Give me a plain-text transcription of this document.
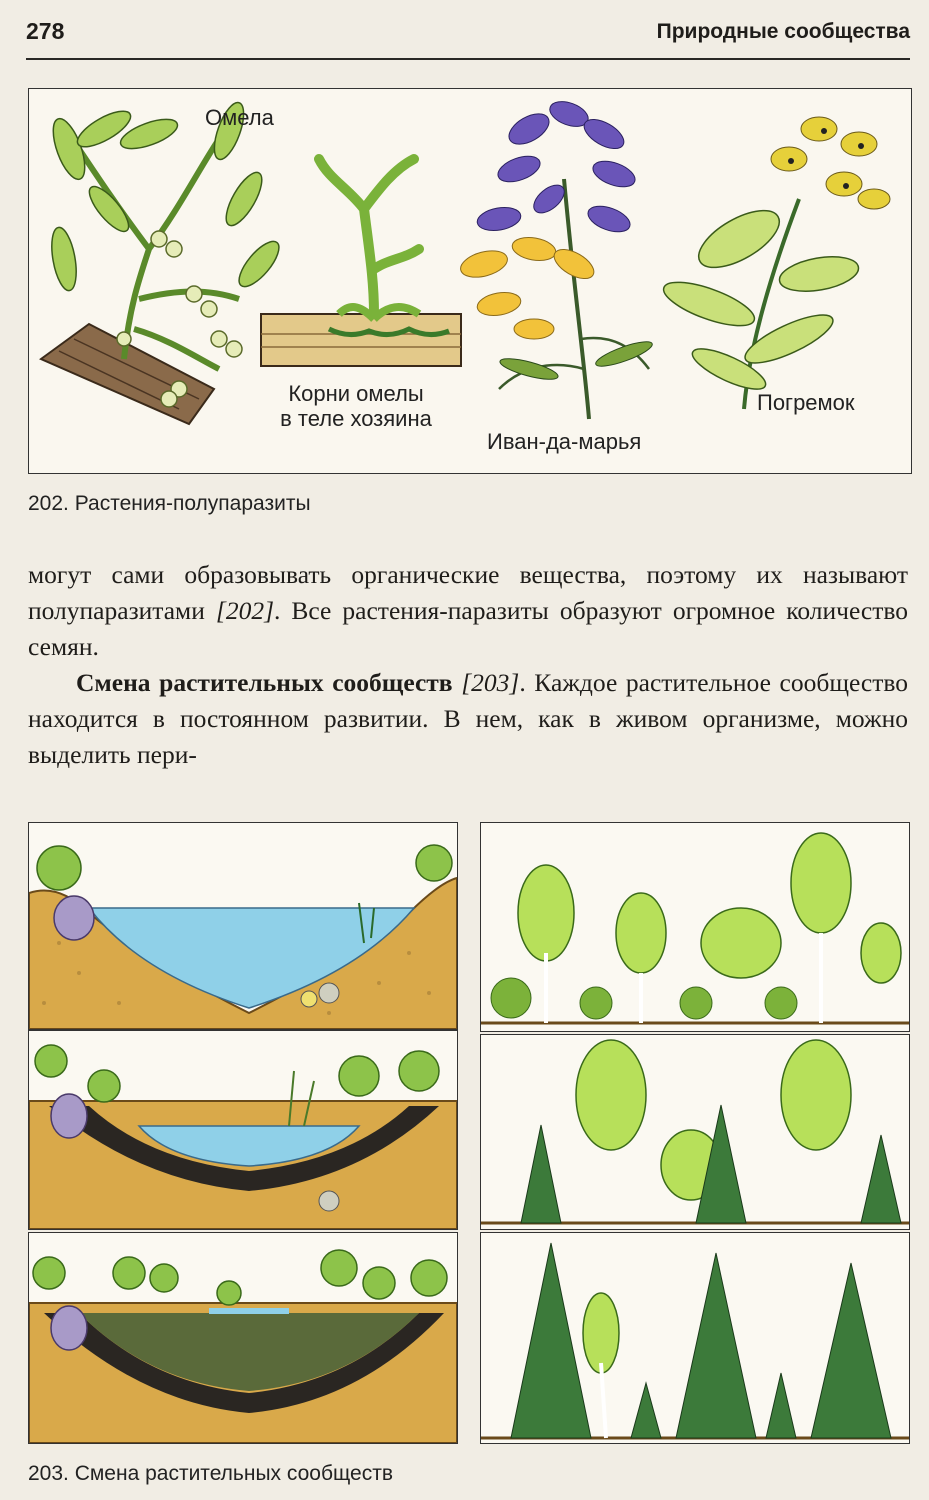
278	Природные сообщества
Омела
Корни омелы
в теле хозяина
Иван-да-марья
Погремок
202. Растения-полупаразиты

могут сами образовывать органические вещества, поэтому их называют полупаразитами [202]. Все растения-паразиты образуют огромное количество семян.

Смена растительных сообществ [203]. Каждое растительное сообщество находится в постоянном развитии. В нем, как в живом организме, можно выделить пери-

203. Смена растительных сообществ
